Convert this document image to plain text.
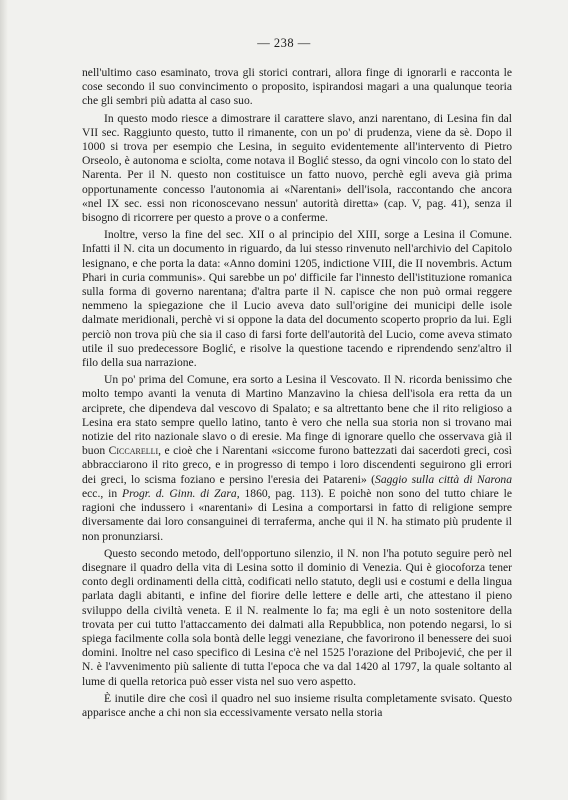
— 238 —

nell'ultimo caso esaminato, trova gli storici contrari, allora finge di ignorarli e racconta le cose secondo il suo convincimento o proposito, ispirandosi magari a una qualunque teoria che gli sembri più adatta al caso suo.

In questo modo riesce a dimostrare il carattere slavo, anzi narentano, di Lesina fin dal VII sec. Raggiunto questo, tutto il rimanente, con un po' di prudenza, viene da sè. Dopo il 1000 si trova per esempio che Lesina, in seguito evidentemente all'intervento di Pietro Orseolo, è autonoma e sciolta, come notava il Boglić stesso, da ogni vincolo con lo stato del Narenta. Per il N. questo non costituisce un fatto nuovo, perchè egli aveva già prima opportunamente concesso l'autonomia ai «Narentani» dell'isola, raccontando che ancora «nel IX sec. essi non riconoscevano nessun' autorità diretta» (cap. V, pag. 41), senza il bisogno di ricorrere per questo a prove o a conferme.

Inoltre, verso la fine del sec. XII o al principio del XIII, sorge a Lesina il Comune. Infatti il N. cita un documento in riguardo, da lui stesso rinvenuto nell'archivio del Capitolo lesignano, e che porta la data: «Anno domini 1205, indictione VIII, die II novembris. Actum Phari in curia communis». Qui sarebbe un po' difficile far l'innesto dell'istituzione romanica sulla forma di governo narentana; d'altra parte il N. capisce che non può ormai reggere nemmeno la spiegazione che il Lucio aveva dato sull'origine dei municipi delle isole dalmate meridionali, perchè vi si oppone la data del documento scoperto proprio da lui. Egli perciò non trova più che sia il caso di farsi forte dell'autorità del Lucio, come aveva stimato utile il suo predecessore Boglić, e risolve la questione tacendo e riprendendo senz'altro il filo della sua narrazione.

Un po' prima del Comune, era sorto a Lesina il Vescovato. Il N. ricorda benissimo che molto tempo avanti la venuta di Martino Manzavino la chiesa dell'isola era retta da un arciprete, che dipendeva dal vescovo di Spalato; e sa altrettanto bene che il rito religioso a Lesina era stato sempre quello latino, tanto è vero che nella sua storia non si trovano mai notizie del rito nazionale slavo o di eresie. Ma finge di ignorare quello che osservava già il buon Ciccarelli, e cioè che i Narentani «siccome furono battezzati dai sacerdoti greci, così abbracciarono il rito greco, e in progresso di tempo i loro discendenti seguirono gli errori dei greci, lo scisma foziano e persino l'eresia dei Patareni» (Saggio sulla città di Narona ecc., in Progr. d. Ginn. di Zara, 1860, pag. 113). E poichè non sono del tutto chiare le ragioni che indussero i «narentani» di Lesina a comportarsi in fatto di religione sempre diversamente dai loro consanguinei di terraferma, anche qui il N. ha stimato più prudente il non pronunziarsi.

Questo secondo metodo, dell'opportuno silenzio, il N. non l'ha potuto seguire però nel disegnare il quadro della vita di Lesina sotto il dominio di Venezia. Qui è giocoforza tener conto degli ordinamenti della città, codificati nello statuto, degli usi e costumi e della lingua parlata dagli abitanti, e infine del fiorire delle lettere e delle arti, che attestano il pieno sviluppo della civiltà veneta. E il N. realmente lo fa; ma egli è un noto sostenitore della trovata per cui tutto l'attaccamento dei dalmati alla Repubblica, non potendo negarsi, lo si spiega facilmente colla sola bontà delle leggi veneziane, che favorirono il benessere dei suoi domini. Inoltre nel caso specifico di Lesina c'è nel 1525 l'orazione del Pribojević, che per il N. è l'avvenimento più saliente di tutta l'epoca che va dal 1420 al 1797, la quale soltanto al lume di quella retorica può esser vista nel suo vero aspetto.

È inutile dire che così il quadro nel suo insieme risulta completamente svisato. Questo apparisce anche a chi non sia eccessivamente versato nella storia
